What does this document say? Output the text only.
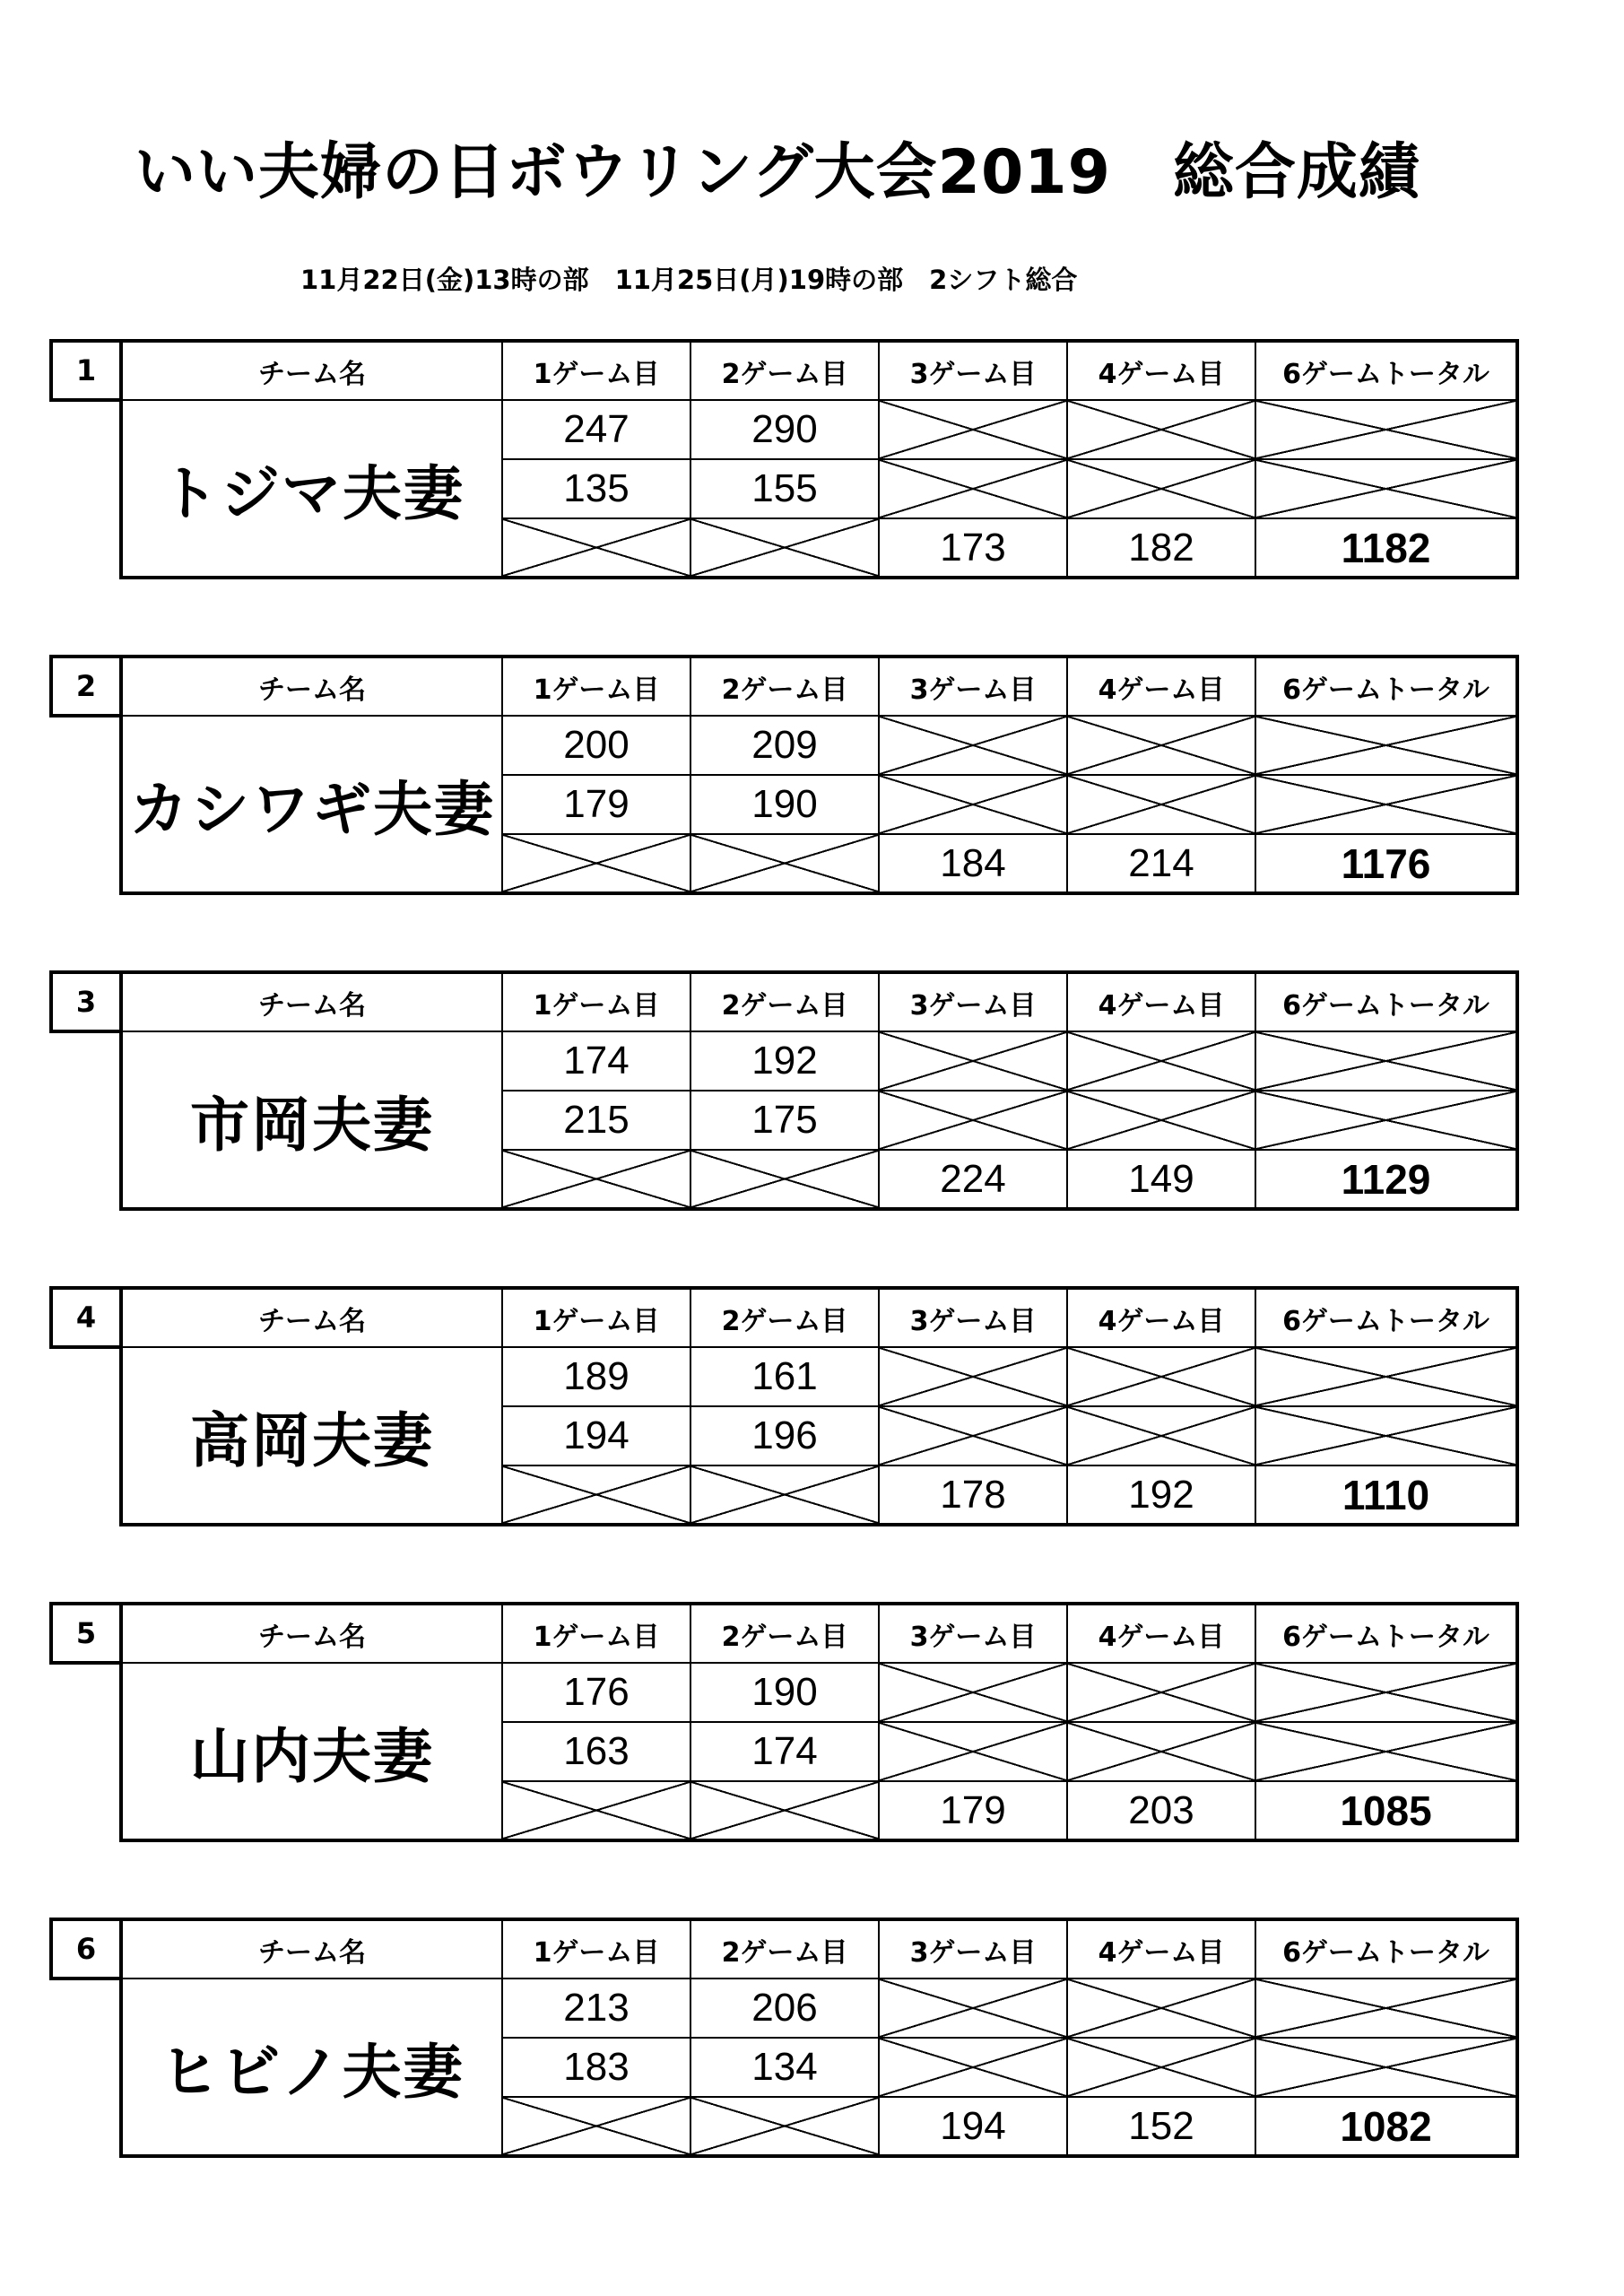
いい夫婦の日ボウリング大会2019　総合成績
11月22日(金)13時の部　11月25日(月)19時の部　2シフト総合
1	チーム名	1ゲーム目	2ゲーム目	3ゲーム目	4ゲーム目	6ゲームトータル
トジマ夫妻	247	290			
	135	155			
			173	182	1182
2	チーム名	1ゲーム目	2ゲーム目	3ゲーム目	4ゲーム目	6ゲームトータル
カシワギ夫妻	200	209			
	179	190			
			184	214	1176
3	チーム名	1ゲーム目	2ゲーム目	3ゲーム目	4ゲーム目	6ゲームトータル
市岡夫妻	174	192			
	215	175			
			224	149	1129
4	チーム名	1ゲーム目	2ゲーム目	3ゲーム目	4ゲーム目	6ゲームトータル
高岡夫妻	189	161			
	194	196			
			178	192	1110
5	チーム名	1ゲーム目	2ゲーム目	3ゲーム目	4ゲーム目	6ゲームトータル
山内夫妻	176	190			
	163	174			
			179	203	1085
6	チーム名	1ゲーム目	2ゲーム目	3ゲーム目	4ゲーム目	6ゲームトータル
ヒビノ夫妻	213	206			
	183	134			
			194	152	1082
